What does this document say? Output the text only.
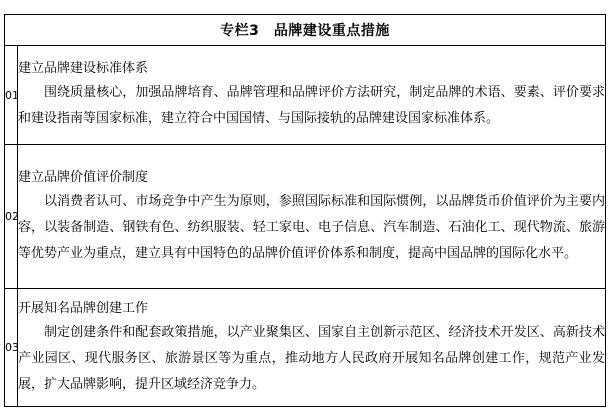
专栏3　品牌建设重点措施	
01	建立品牌建设标准体系

围绕质量核心，加强品牌培育、品牌管理和品牌评价方法研究，制定品牌的术语、要素、评价要求和建设指南等国家标准，建立符合中国国情、与国际接轨的品牌建设国家标准体系。

02	建立品牌价值评价制度

以消费者认可、市场竞争中产生为原则，参照国际标准和国际惯例，以品牌货币价值评价为主要内容，以装备制造、钢铁有色、纺织服装、轻工家电、电子信息、汽车制造、石油化工、现代物流、旅游等优势产业为重点，建立具有中国特色的品牌价值评价体系和制度，提高中国品牌的国际化水平。

03	开展知名品牌创建工作

制定创建条件和配套政策措施，以产业聚集区、国家自主创新示范区、经济技术开发区、高新技术产业园区、现代服务区、旅游景区等为重点，推动地方人民政府开展知名品牌创建工作，规范产业发展，扩大品牌影响，提升区域经济竞争力。
